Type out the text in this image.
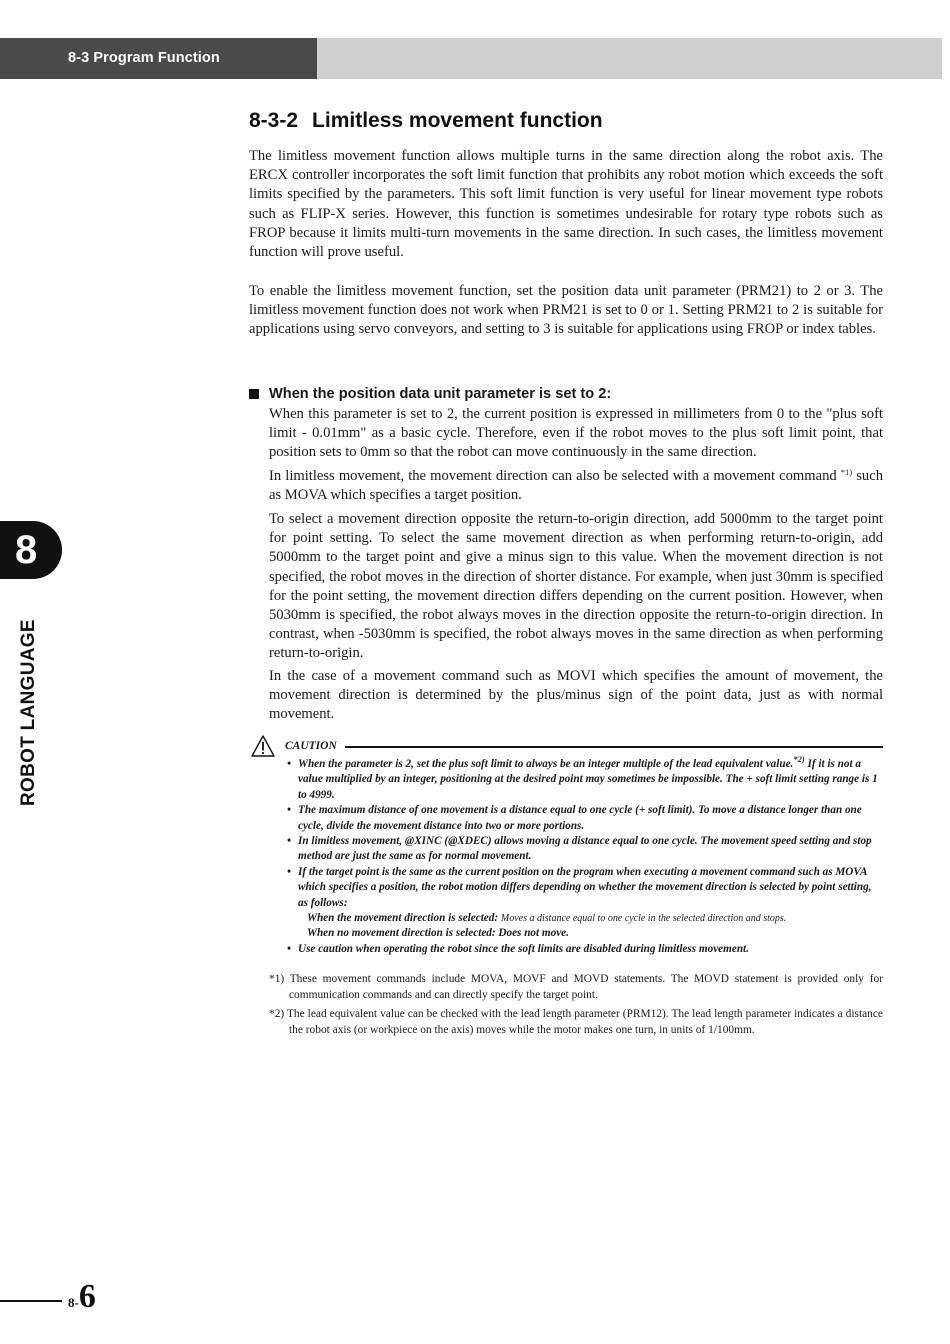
8-3 Program Function
8-3-2 Limitless movement function

The limitless movement function allows multiple turns in the same direction along the robot axis. The ERCX controller incorporates the soft limit function that prohibits any robot motion which exceeds the soft limits specified by the parameters. This soft limit function is very useful for linear movement type robots such as FLIP-X series. However, this function is sometimes undesirable for rotary type robots such as FROP because it limits multi-turn movements in the same direction. In such cases, the limitless movement function will prove useful.

To enable the limitless movement function, set the position data unit parameter (PRM21) to 2 or 3. The limitless movement function does not work when PRM21 is set to 0 or 1. Setting PRM21 to 2 is suitable for applications using servo conveyors, and setting to 3 is suitable for applications using FROP or index tables.

When the position data unit parameter is set to 2:

When this parameter is set to 2, the current position is expressed in millimeters from 0 to the "plus soft limit - 0.01mm" as a basic cycle. Therefore, even if the robot moves to the plus soft limit point, that position sets to 0mm so that the robot can move continuously in the same direction.

In limitless movement, the movement direction can also be selected with a movement command $^{*1)}$ such as MOVA which specifies a target position.

To select a movement direction opposite the return-to-origin direction, add 5000mm to the target point for point setting. To select the same movement direction as when performing return-to-origin, add 5000mm to the target point and give a minus sign to this value. When the movement direction is not specified, the robot moves in the direction of shorter distance. For example, when just 30mm is specified for the point setting, the movement direction differs depending on the current position. However, when 5030mm is specified, the robot always moves in the direction opposite the return-to-origin direction. In contrast, when -5030mm is specified, the robot always moves in the same direction as when performing return-to-origin.

In the case of a movement command such as MOVI which specifies the amount of movement, the movement direction is determined by the plus/minus sign of the point data, just as with normal movement.

CAUTION
• When the parameter is 2, set the plus soft limit to always be an integer multiple of the lead equivalent value.$^{*2)}$ If it is not a value multiplied by an integer, positioning at the desired point may sometimes be impossible. The + soft limit setting range is 1 to 4999.
• The maximum distance of one movement is a distance equal to one cycle (+ soft limit). To move a distance longer than one cycle, divide the movement distance into two or more portions.
• In limitless movement, @XINC (@XDEC) allows moving a distance equal to one cycle. The movement speed setting and stop method are just the same as for normal movement.
• If the target point is the same as the current position on the program when executing a movement command such as MOVA which specifies a position, the robot motion differs depending on whether the movement direction is selected by point setting, as follows:
When the movement direction is selected: Moves a distance equal to one cycle in the selected direction and stops.
When no movement direction is selected: Does not move.
• Use caution when operating the robot since the soft limits are disabled during limitless movement.

*1) These movement commands include MOVA, MOVF and MOVD statements. The MOVD statement is provided only for communication commands and can directly specify the target point.

*2) The lead equivalent value can be checked with the lead length parameter (PRM12). The lead length parameter indicates a distance the robot axis (or workpiece on the axis) moves while the motor makes one turn, in units of 1/100mm.

8
ROBOT LANGUAGE
8-6
